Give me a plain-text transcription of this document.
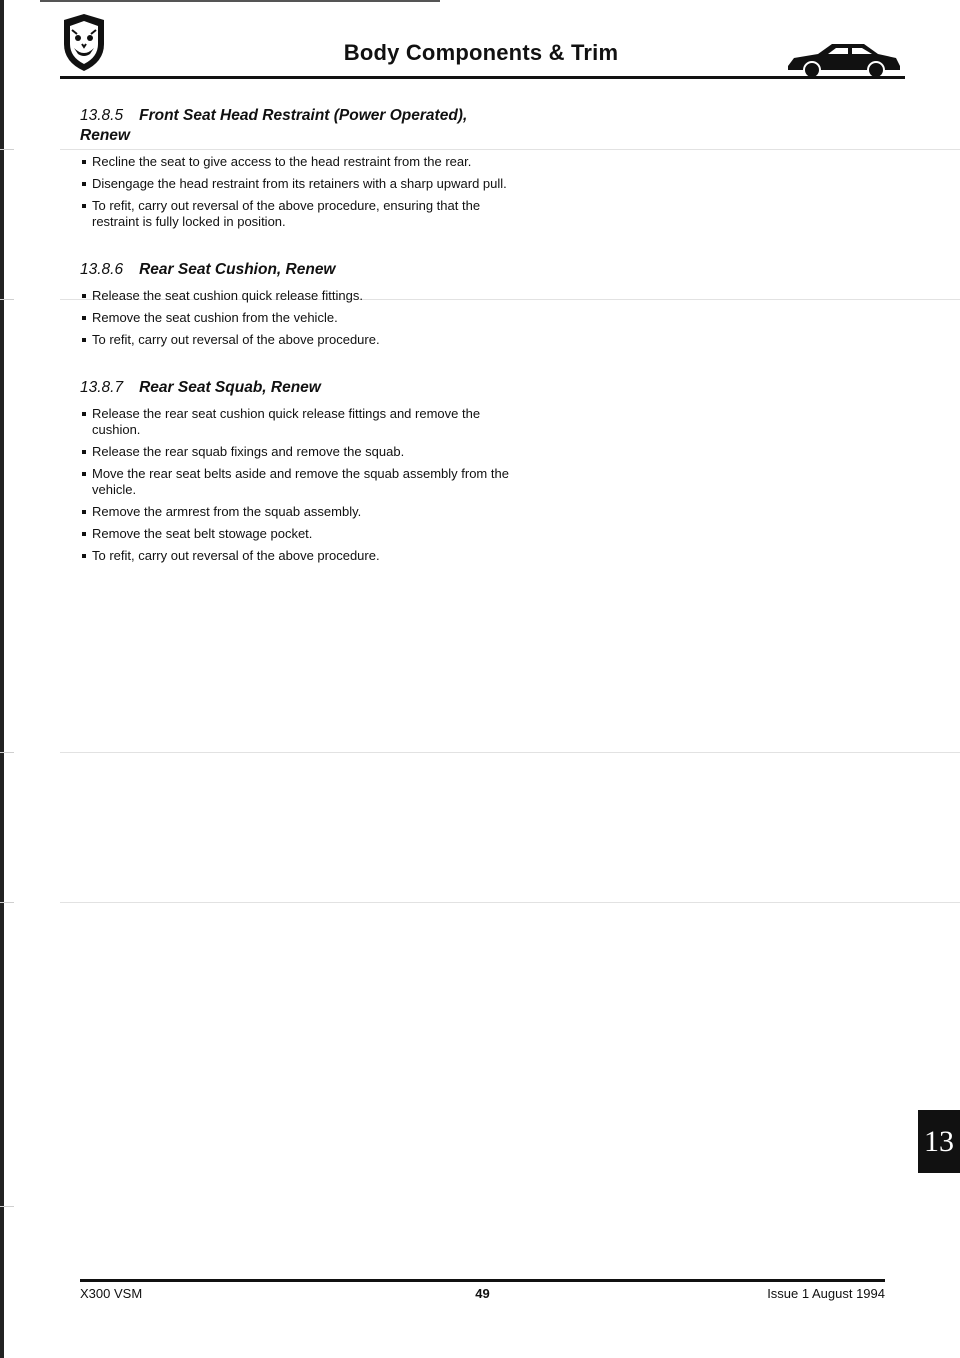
Body Components & Trim
13.8.5 Front Seat Head Restraint (Power Operated),
Renew
Recline the seat to give access to the head restraint from the rear.
Disengage the head restraint from its retainers with a sharp upward pull.
To refit, carry out reversal of the above procedure, ensuring that the restraint is fully locked in position.
13.8.6 Rear Seat Cushion, Renew
Release the seat cushion quick release fittings.
Remove the seat cushion from the vehicle.
To refit, carry out reversal of the above procedure.
13.8.7 Rear Seat Squab, Renew
Release the rear seat cushion quick release fittings and remove the cushion.
Release the rear squab fixings and remove the squab.
Move the rear seat belts aside and remove the squab assembly from the vehicle.
Remove the armrest from the squab assembly.
Remove the seat belt stowage pocket.
To refit, carry out reversal of the above procedure.
13
X300 VSM	49	Issue 1 August 1994
